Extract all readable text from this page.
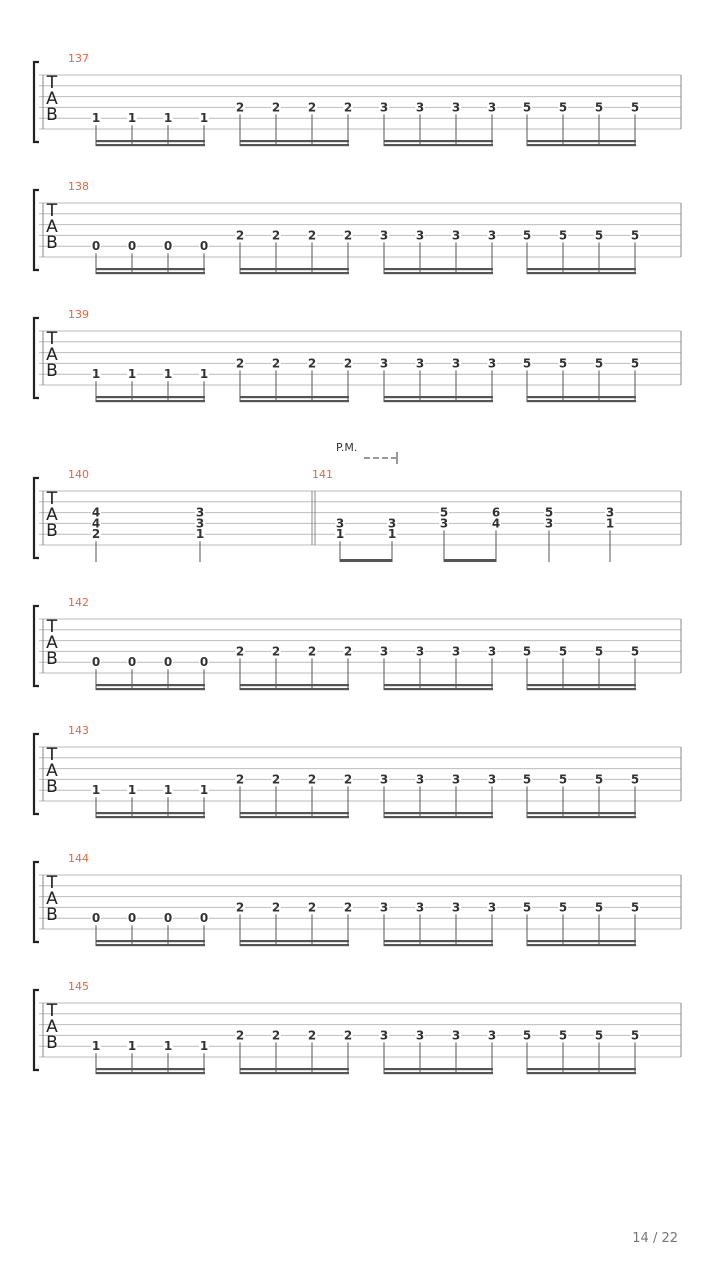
T
A
B
137
1 1 1 1
2 2 2 2 3 3 3 3 5 5 5 5
T
A
B
138
0 0 0 0
2 2 2 2 3 3 3 3 5 5 5 5
T
A
B
139
1 1 1 1
2 2 2 2 3 3 3 3 5 5 5 5
T
A
B
140	141
P.M.
4
4
2
3
3
1
3
1
3
1
5
3
6
4
5
3
3
1
T
A
B
142
0 0 0 0
2 2 2 2 3 3 3 3 5 5 5 5
T
A
B
143
1 1 1 1
2 2 2 2 3 3 3 3 5 5 5 5
T
A
B
144
0 0 0 0
2 2 2 2 3 3 3 3 5 5 5 5
T
A
B
145
1 1 1 1
2 2 2 2 3 3 3 3 5 5 5 5
14 / 22
